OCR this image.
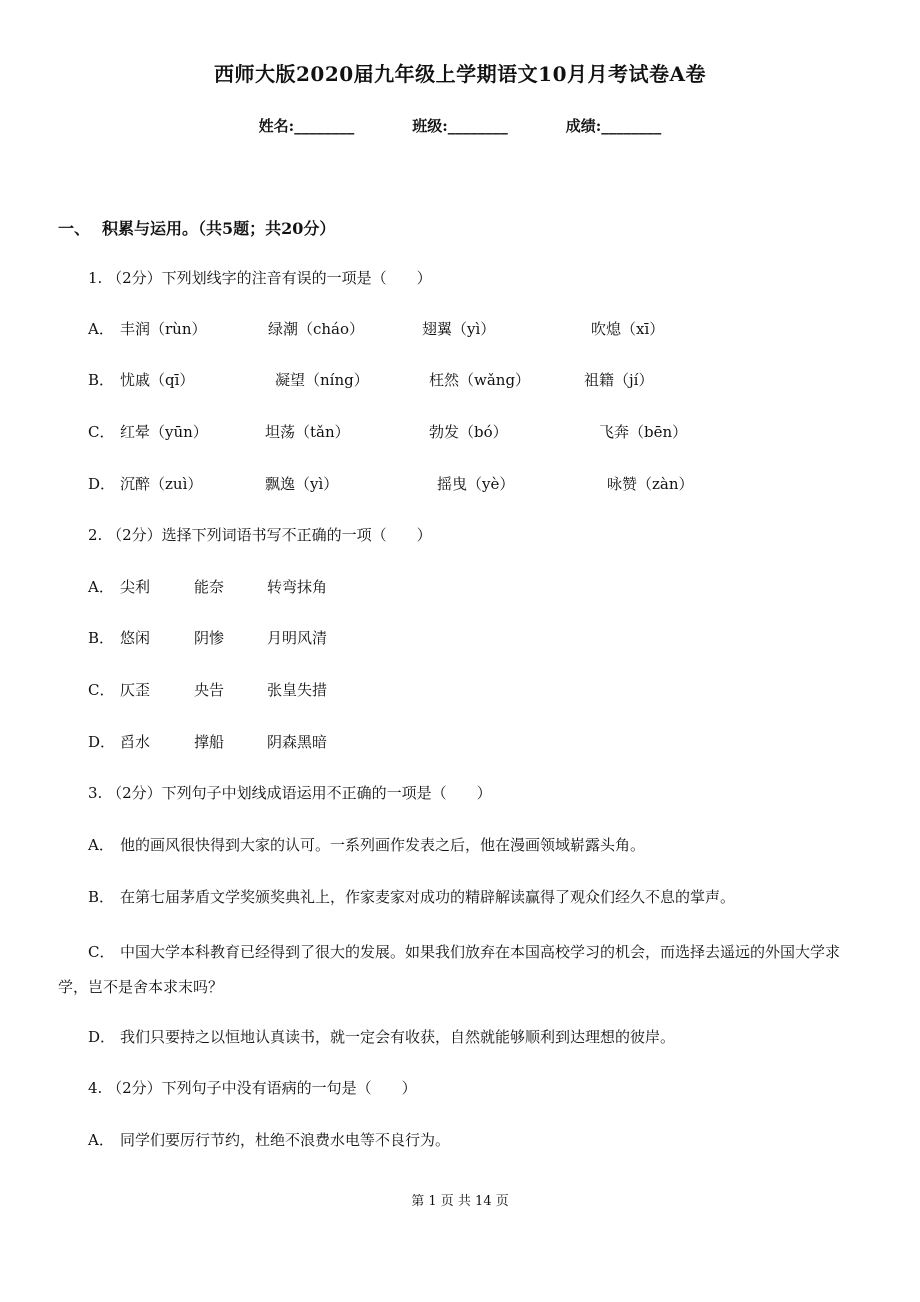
西师大版2020届九年级上学期语文10月月考试卷A卷
姓名:________	班级:________	成绩:________
一、 积累与运用。（共5题；共20分）
1. （2分）下列划线字的注音有误的一项是（　　）
A． 丰润（rùn）	绿潮（cháo）	翅翼（yì）	吹熄（xī）
B． 忧戚（qī）	凝望（níng）	枉然（wǎng）	祖籍（jí）
C． 红晕（yūn）	坦荡（tǎn）	勃发（bó）	飞奔（bēn）
D． 沉醉（zuì）	飘逸（yì）	摇曳（yè）	咏赞（zàn）
2. （2分）选择下列词语书写不正确的一项（　　）
A． 尖利	能奈	转弯抹角
B． 悠闲	阴惨	月明风清
C． 仄歪	央告	张皇失措
D． 舀水	撑船	阴森黑暗
3. （2分）下列句子中划线成语运用不正确的一项是（　　）
A． 他的画风很快得到大家的认可。一系列画作发表之后，他在漫画领域崭露头角。
B． 在第七届茅盾文学奖颁奖典礼上，作家麦家对成功的精辟解读赢得了观众们经久不息的掌声。
C． 中国大学本科教育已经得到了很大的发展。如果我们放弃在本国高校学习的机会，而选择去遥远的外国大学求学，岂不是舍本求末吗？
D． 我们只要持之以恒地认真读书，就一定会有收获，自然就能够顺利到达理想的彼岸。
4. （2分）下列句子中没有语病的一句是（　　）
A． 同学们要厉行节约，杜绝不浪费水电等不良行为。
第 1 页 共 14 页
